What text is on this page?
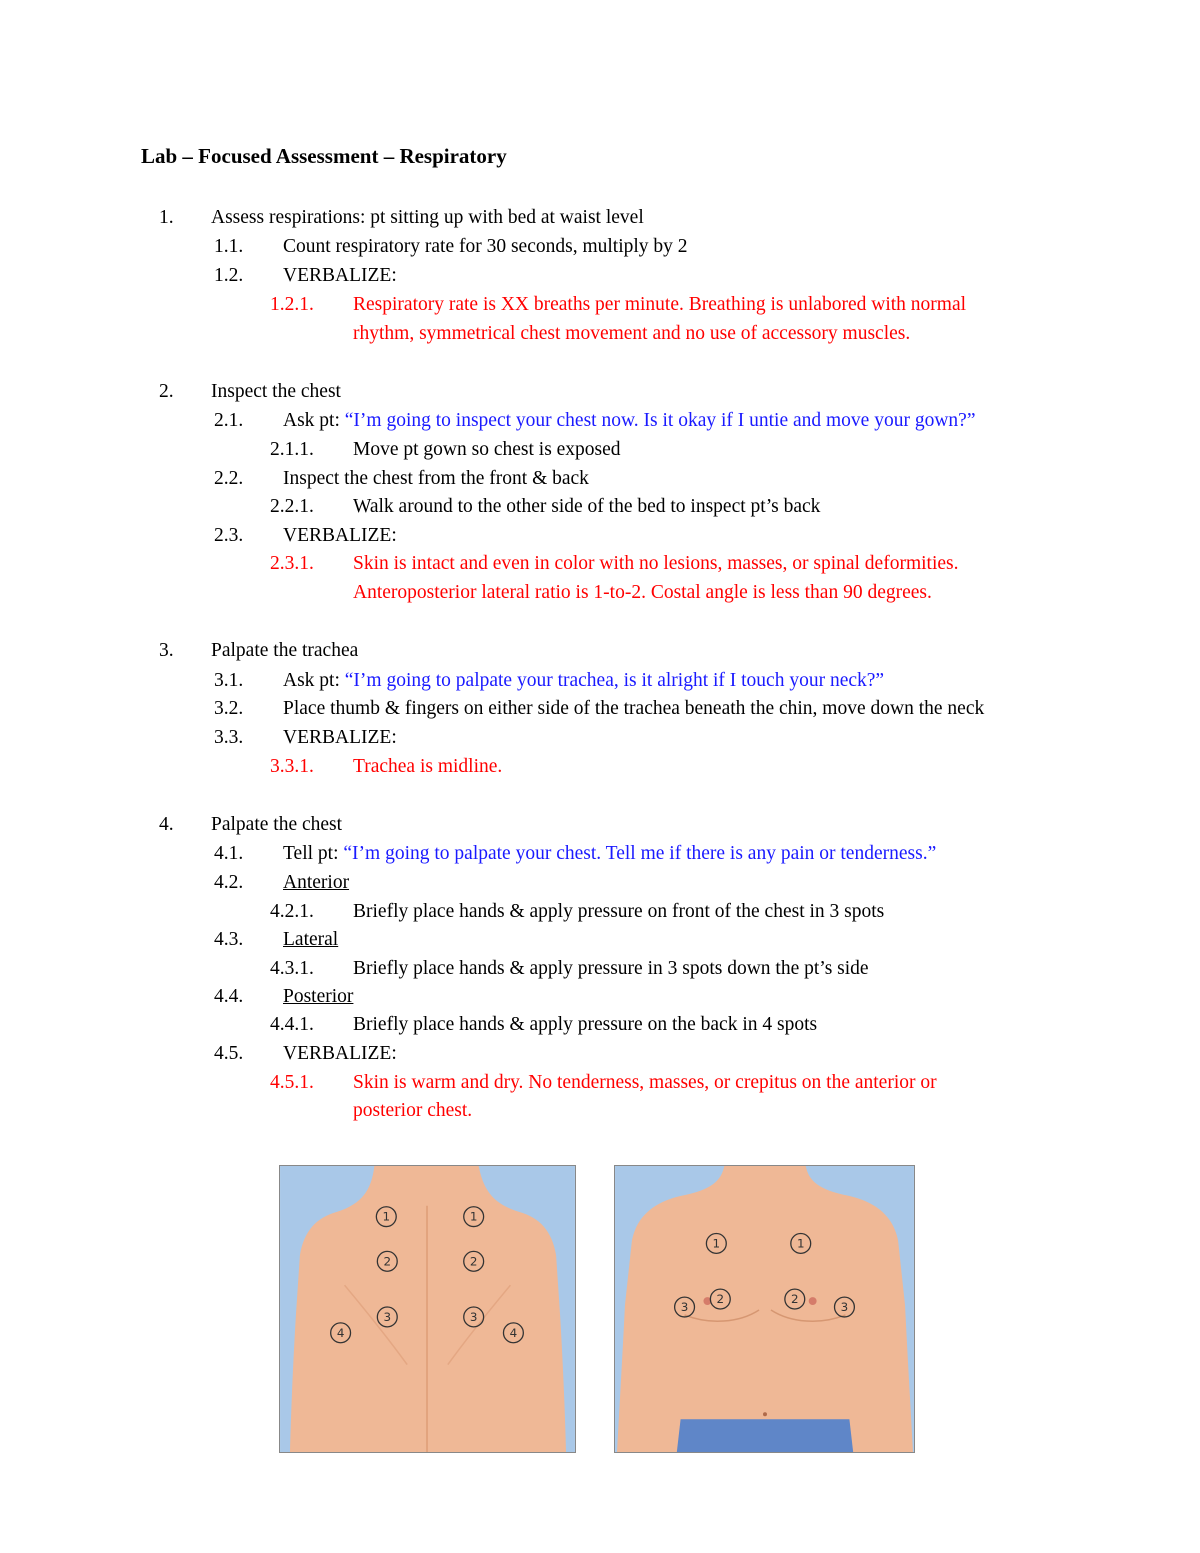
Lab – Focused Assessment – Respiratory
1. Assess respirations: pt sitting up with bed at waist level
1.1. Count respiratory rate for 30 seconds, multiply by 2
1.2. VERBALIZE:
1.2.1. Respiratory rate is XX breaths per minute. Breathing is unlabored with normal
rhythm, symmetrical chest movement and no use of accessory muscles.
2. Inspect the chest
2.1. Ask pt: “I’m going to inspect your chest now. Is it okay if I untie and move your gown?”
2.1.1. Move pt gown so chest is exposed
2.2. Inspect the chest from the front & back
2.2.1. Walk around to the other side of the bed to inspect pt’s back
2.3. VERBALIZE:
2.3.1. Skin is intact and even in color with no lesions, masses, or spinal deformities.
Anteroposterior lateral ratio is 1-to-2. Costal angle is less than 90 degrees.
3. Palpate the trachea
3.1. Ask pt: “I’m going to palpate your trachea, is it alright if I touch your neck?”
3.2. Place thumb & fingers on either side of the trachea beneath the chin, move down the neck
3.3. VERBALIZE:
3.3.1. Trachea is midline.
4. Palpate the chest
4.1. Tell pt: “I’m going to palpate your chest. Tell me if there is any pain or tenderness.”
4.2. Anterior
4.2.1. Briefly place hands & apply pressure on front of the chest in 3 spots
4.3. Lateral
4.3.1. Briefly place hands & apply pressure in 3 spots down the pt’s side
4.4. Posterior
4.4.1. Briefly place hands & apply pressure on the back in 4 spots
4.5. VERBALIZE:
4.5.1. Skin is warm and dry. No tenderness, masses, or crepitus on the anterior or
posterior chest.
1	1
2	2
3	3
4	4
1	1
2	2
3	3
